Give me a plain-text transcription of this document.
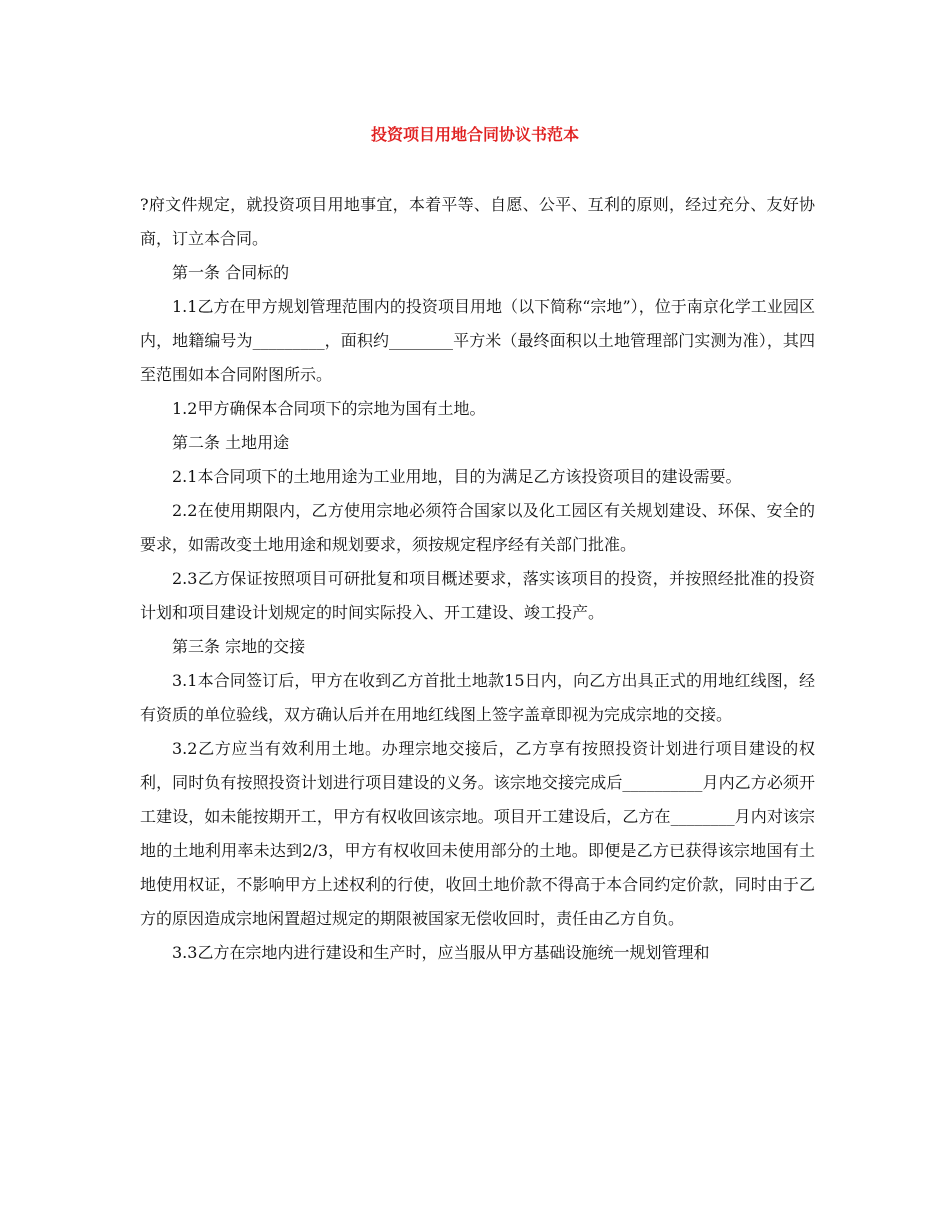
投资项目用地合同协议书范本

?府文件规定，就投资项目用地事宜，本着平等、自愿、公平、互利的原则，经过充分、友好协商，订立本合同。

第一条 合同标的

1.1乙方在甲方规划管理范围内的投资项目用地（以下简称“宗地”），位于南京化学工业园区内，地籍编号为_________，面积约________平方米（最终面积以土地管理部门实测为准），其四至范围如本合同附图所示。

1.2甲方确保本合同项下的宗地为国有土地。

第二条 土地用途

2.1本合同项下的土地用途为工业用地，目的为满足乙方该投资项目的建设需要。

2.2在使用期限内，乙方使用宗地必须符合国家以及化工园区有关规划建设、环保、安全的要求，如需改变土地用途和规划要求，须按规定程序经有关部门批准。

2.3乙方保证按照项目可研批复和项目概述要求，落实该项目的投资，并按照经批准的投资计划和项目建设计划规定的时间实际投入、开工建设、竣工投产。

第三条 宗地的交接

3.1本合同签订后，甲方在收到乙方首批土地款15日内，向乙方出具正式的用地红线图，经有资质的单位验线，双方确认后并在用地红线图上签字盖章即视为完成宗地的交接。

3.2乙方应当有效利用土地。办理宗地交接后，乙方享有按照投资计划进行项目建设的权利，同时负有按照投资计划进行项目建设的义务。该宗地交接完成后__________月内乙方必须开工建设，如未能按期开工，甲方有权收回该宗地。项目开工建设后，乙方在________月内对该宗地的土地利用率未达到2/3，甲方有权收回未使用部分的土地。即便是乙方已获得该宗地国有土地使用权证，不影响甲方上述权利的行使，收回土地价款不得高于本合同约定价款，同时由于乙方的原因造成宗地闲置超过规定的期限被国家无偿收回时，责任由乙方自负。

3.3乙方在宗地内进行建设和生产时，应当服从甲方基础设施统一规划管理和
